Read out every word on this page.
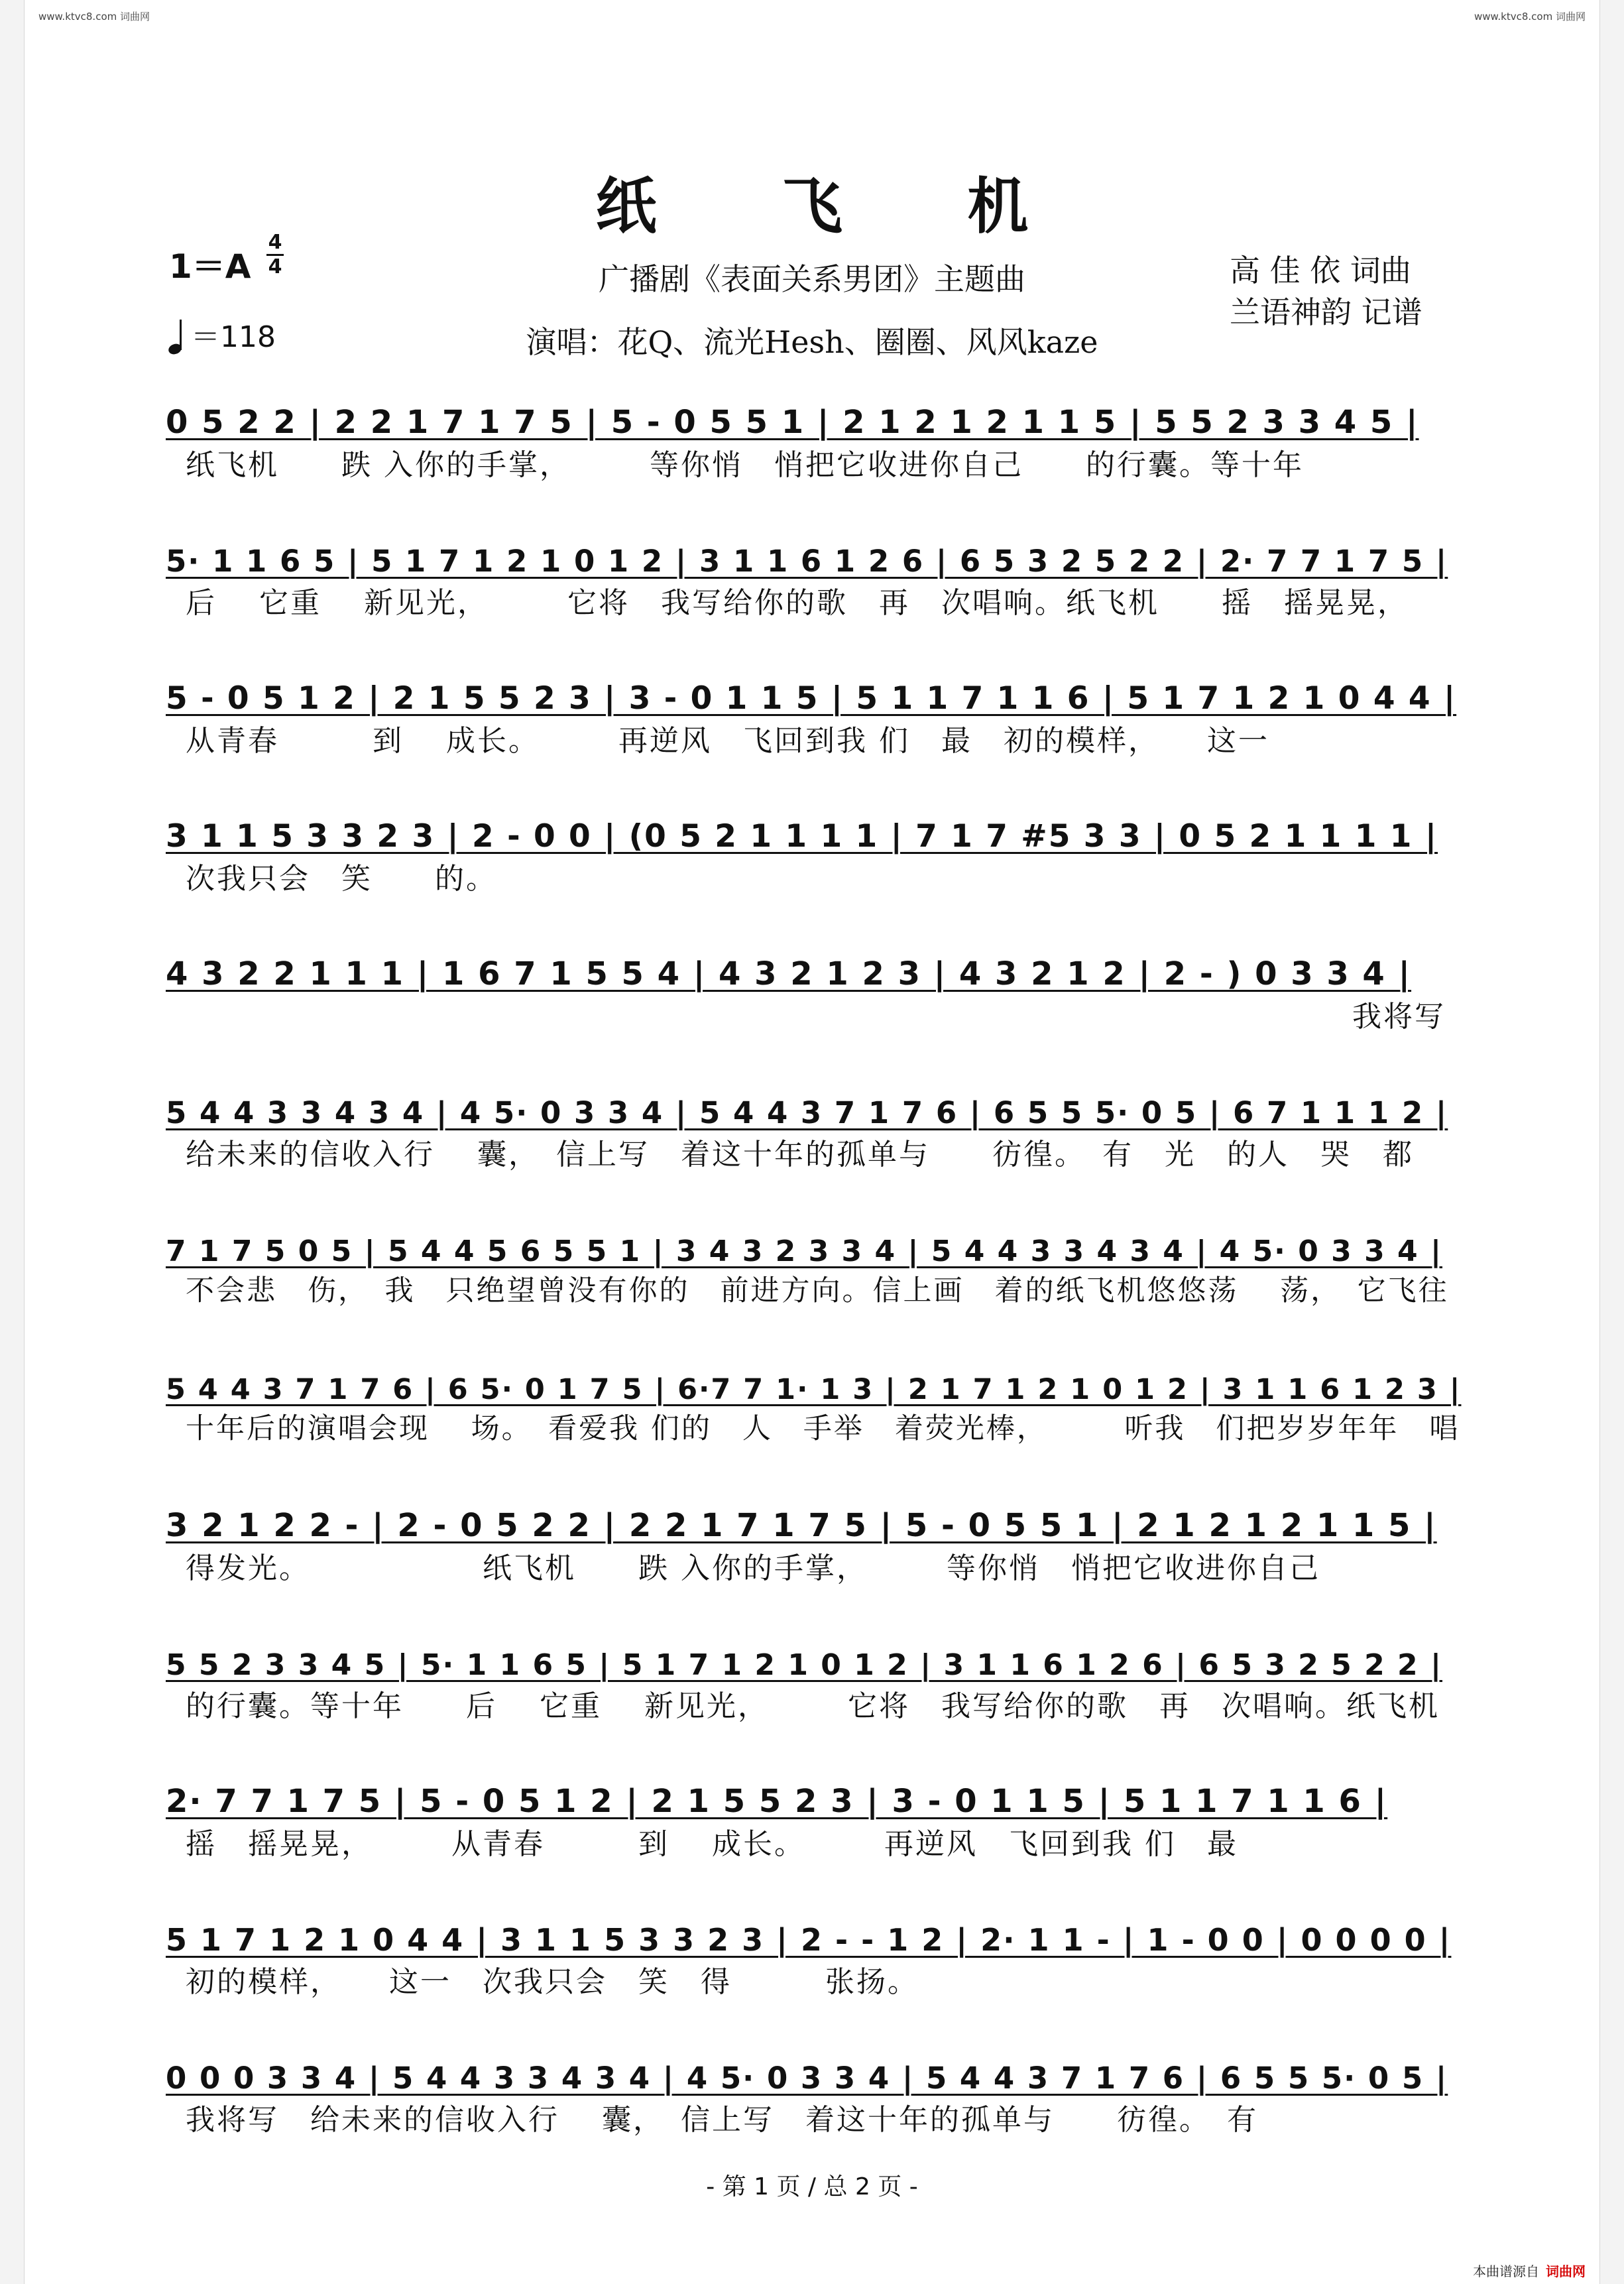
www.ktvc8.com 词曲网	www.ktvc8.com 词曲网
纸 飞 机
1＝A
4
4
＝118
广播剧《表面关系男团》主题曲
演唱：花Q、流光Hesh、圈圈、风风kaze
高 佳 依 词曲
兰语神韵 记谱
0 5 2 2 | 2 2 1 7 1 7 5 | 5 - 0 5 5 1 | 2 1 2 1 2 1 1 5 | 5 5 2 3 3 4 5 |
纸飞机　　跌 入你的手掌，　　　等你悄　悄把它收进你自己　　的行囊。等十年
5· 1 1 6 5 | 5 1 7 1 2 1 0 1 2 | 3 1 1 6 1 2 6 | 6 5 3 2 5 2 2 | 2· 7 7 1 7 5 |
后　 它重　 新见光，　　　它将　我写给你的歌　再　次唱响。纸飞机　　摇　摇晃晃，
5 - 0 5 1 2 | 2 1 5 5 2 3 | 3 - 0 1 1 5 | 5 1 1 7 1 1 6 | 5 1 7 1 2 1 0 4 4 |
从青春　　　到　 成长。　　　再逆风　飞回到我 们　最　初的模样，　　这一
3 1 1 5 3 3 2 3 | 2 - 0 0 | (0 5 2 1 1 1 1 | 7 1 7 #5 3 3 | 0 5 2 1 1 1 1 |
次我只会　笑　　的。
4 3 2 2 1 1 1 | 1 6 7 1 5 5 4 | 4 3 2 1 2 3 | 4 3 2 1 2 | 2 - ) 0 3 3 4 |
我将写
5 4 4 3 3 4 3 4 | 4 5· 0 3 3 4 | 5 4 4 3 7 1 7 6 | 6 5 5 5· 0 5 | 6 7 1 1 1 2 |
给未来的信收入行　 囊，　信上写　着这十年的孤单与　　彷徨。　有　光　的人　哭　都
7 1 7 5 0 5 | 5 4 4 5 6 5 5 1 | 3 4 3 2 3 3 4 | 5 4 4 3 3 4 3 4 | 4 5· 0 3 3 4 |
不会悲　伤，　我　只绝望曾没有你的　前进方向。信上画　着的纸飞机悠悠荡　 荡，　它飞往
5 4 4 3 7 1 7 6 | 6 5· 0 1 7 5 | 6·7 7 1· 1 3 | 2 1 7 1 2 1 0 1 2 | 3 1 1 6 1 2 3 |
十年后的演唱会现　 场。　看爱我 们的　人　手举　着荧光棒，　　　听我　们把岁岁年年　唱
3 2 1 2 2 - | 2 - 0 5 2 2 | 2 2 1 7 1 7 5 | 5 - 0 5 5 1 | 2 1 2 1 2 1 1 5 |
得发光。　　　　　　纸飞机　　跌 入你的手掌，　　　等你悄　悄把它收进你自己
5 5 2 3 3 4 5 | 5· 1 1 6 5 | 5 1 7 1 2 1 0 1 2 | 3 1 1 6 1 2 6 | 6 5 3 2 5 2 2 |
的行囊。等十年　　后　 它重　 新见光，　　　它将　我写给你的歌　再　次唱响。纸飞机
2· 7 7 1 7 5 | 5 - 0 5 1 2 | 2 1 5 5 2 3 | 3 - 0 1 1 5 | 5 1 1 7 1 1 6 |
摇　摇晃晃，　　　从青春　　　到　 成长。　　　再逆风　飞回到我 们　最
5 1 7 1 2 1 0 4 4 | 3 1 1 5 3 3 2 3 | 2 - - 1 2 | 2· 1 1 - | 1 - 0 0 | 0 0 0 0 |
初的模样，　　这一　次我只会　笑　得　　　张扬。
0 0 0 3 3 4 | 5 4 4 3 3 4 3 4 | 4 5· 0 3 3 4 | 5 4 4 3 7 1 7 6 | 6 5 5 5· 0 5 |
我将写　给未来的信收入行　 囊，　信上写　着这十年的孤单与　　彷徨。　有
- 第 1 页 / 总 2 页 -
本曲谱源自 词曲网
